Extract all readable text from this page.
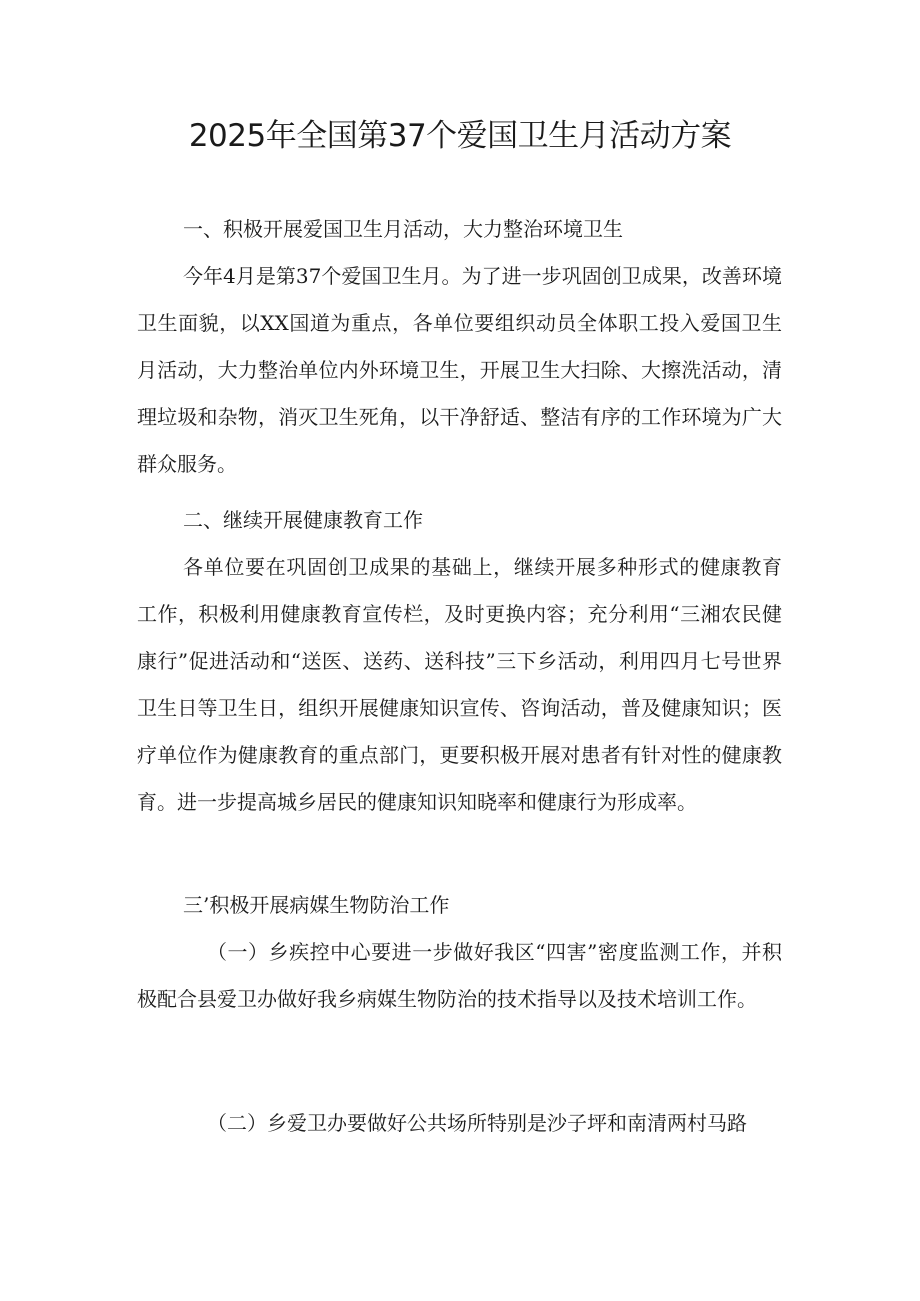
2025年全国第37个爱国卫生月活动方案
一、积极开展爱国卫生月活动，大力整治环境卫生
今年4月是第37个爱国卫生月。为了进一步巩固创卫成果，改善环境卫生面貌，以XX国道为重点，各单位要组织动员全体职工投入爱国卫生月活动，大力整治单位内外环境卫生，开展卫生大扫除、大擦洗活动，清理垃圾和杂物，消灭卫生死角，以干净舒适、整洁有序的工作环境为广大群众服务。
二、继续开展健康教育工作
各单位要在巩固创卫成果的基础上，继续开展多种形式的健康教育工作，积极利用健康教育宣传栏，及时更换内容；充分利用“三湘农民健康行”促进活动和“送医、送药、送科技”三下乡活动，利用四月七号世界卫生日等卫生日，组织开展健康知识宣传、咨询活动，普及健康知识；医疗单位作为健康教育的重点部门，更要积极开展对患者有针对性的健康教育。进一步提高城乡居民的健康知识知晓率和健康行为形成率。
三’积极开展病媒生物防治工作
（一）乡疾控中心要进一步做好我区“四害”密度监测工作，并积极配合县爱卫办做好我乡病媒生物防治的技术指导以及技术培训工作。
（二）乡爱卫办要做好公共场所特别是沙子坪和南清两村马路
